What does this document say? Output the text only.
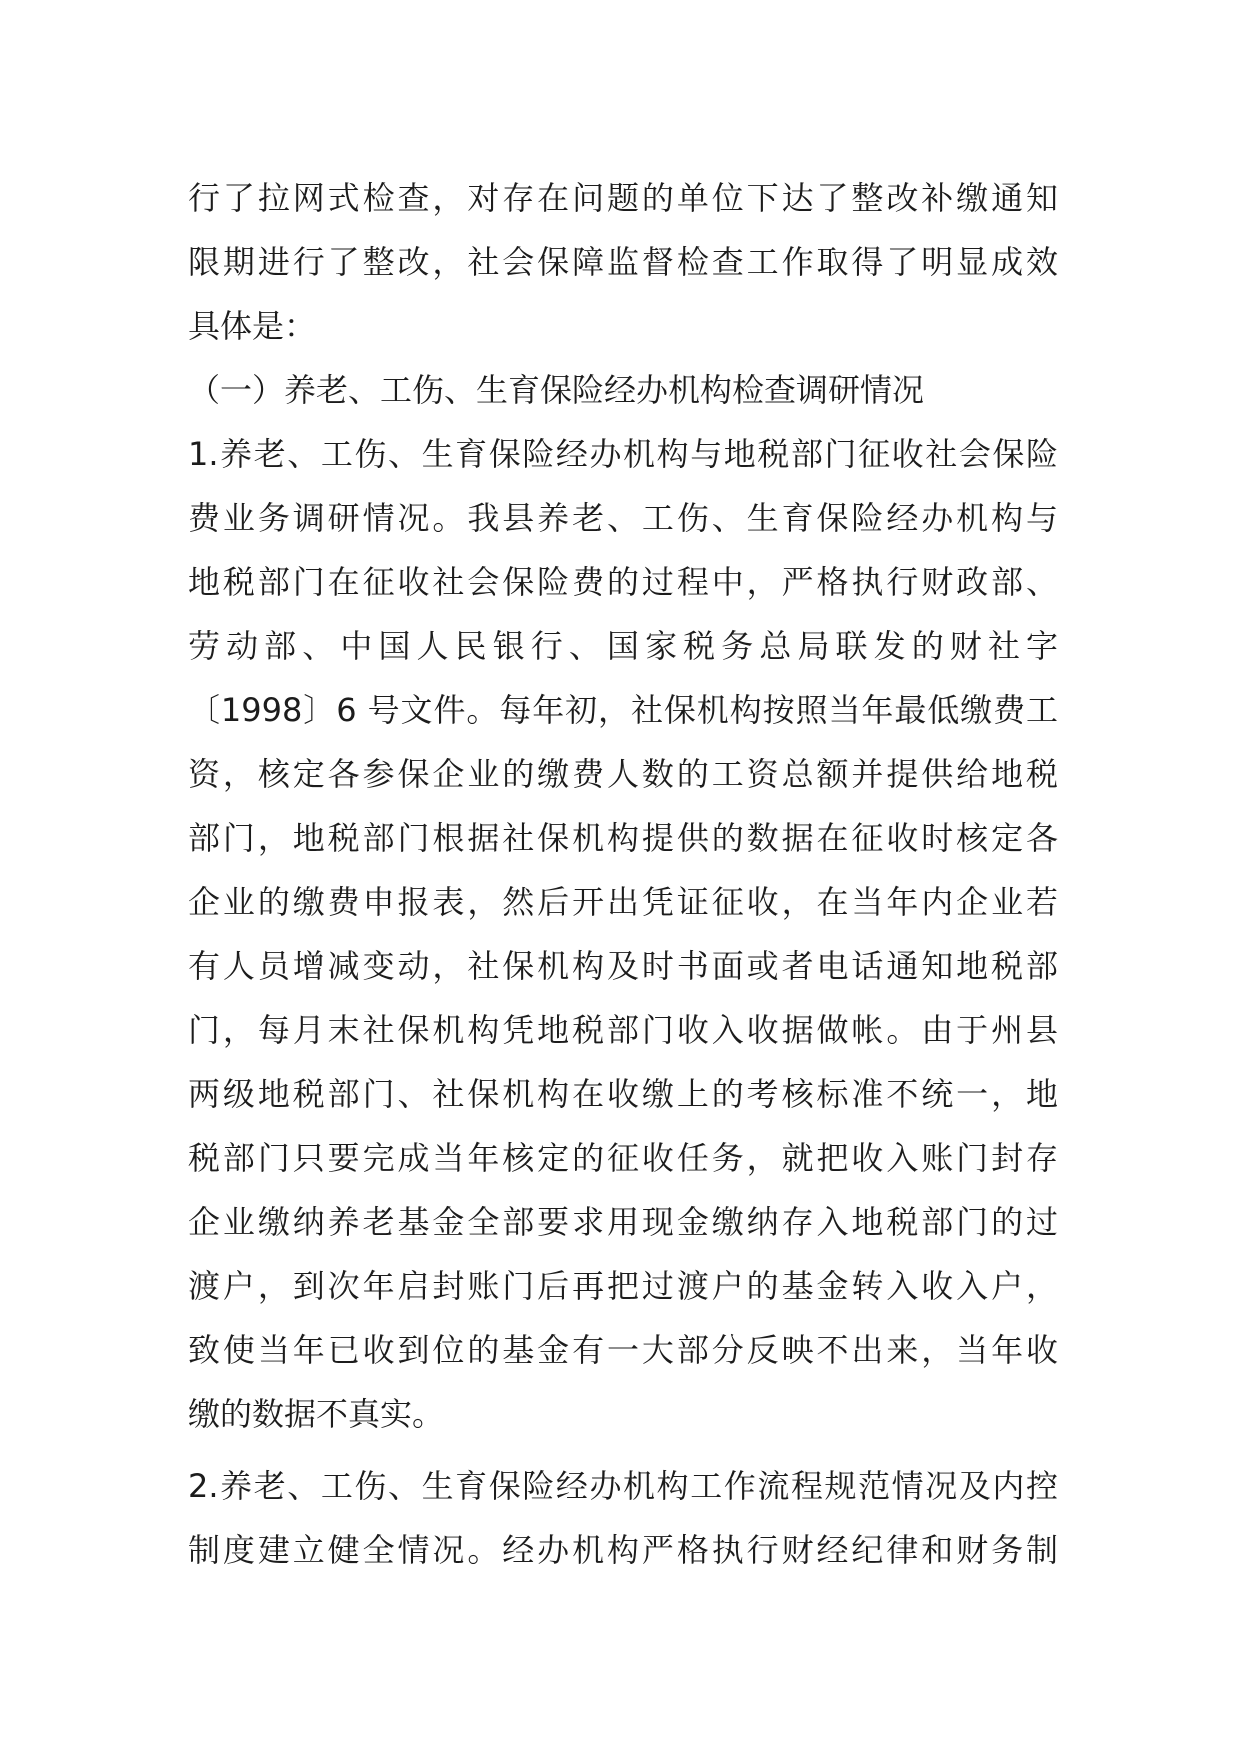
行了拉网式检查，对存在问题的单位下达了整改补缴通知
限期进行了整改，社会保障监督检查工作取得了明显成效
具体是：
（一）养老、工伤、生育保险经办机构检查调研情况
1.养老、工伤、生育保险经办机构与地税部门征收社会保险
费业务调研情况。我县养老、工伤、生育保险经办机构与
地税部门在征收社会保险费的过程中，严格执行财政部、
劳动部、中国人民银行、国家税务总局联发的财社字
〔1998〕6 号文件。每年初，社保机构按照当年最低缴费工
资，核定各参保企业的缴费人数的工资总额并提供给地税
部门，地税部门根据社保机构提供的数据在征收时核定各
企业的缴费申报表，然后开出凭证征收，在当年内企业若
有人员增减变动，社保机构及时书面或者电话通知地税部
门，每月末社保机构凭地税部门收入收据做帐。由于州县
两级地税部门、社保机构在收缴上的考核标准不统一，地
税部门只要完成当年核定的征收任务，就把收入账门封存
企业缴纳养老基金全部要求用现金缴纳存入地税部门的过
渡户，到次年启封账门后再把过渡户的基金转入收入户，
致使当年已收到位的基金有一大部分反映不出来，当年收
缴的数据不真实。
2.养老、工伤、生育保险经办机构工作流程规范情况及内控
制度建立健全情况。经办机构严格执行财经纪律和财务制
